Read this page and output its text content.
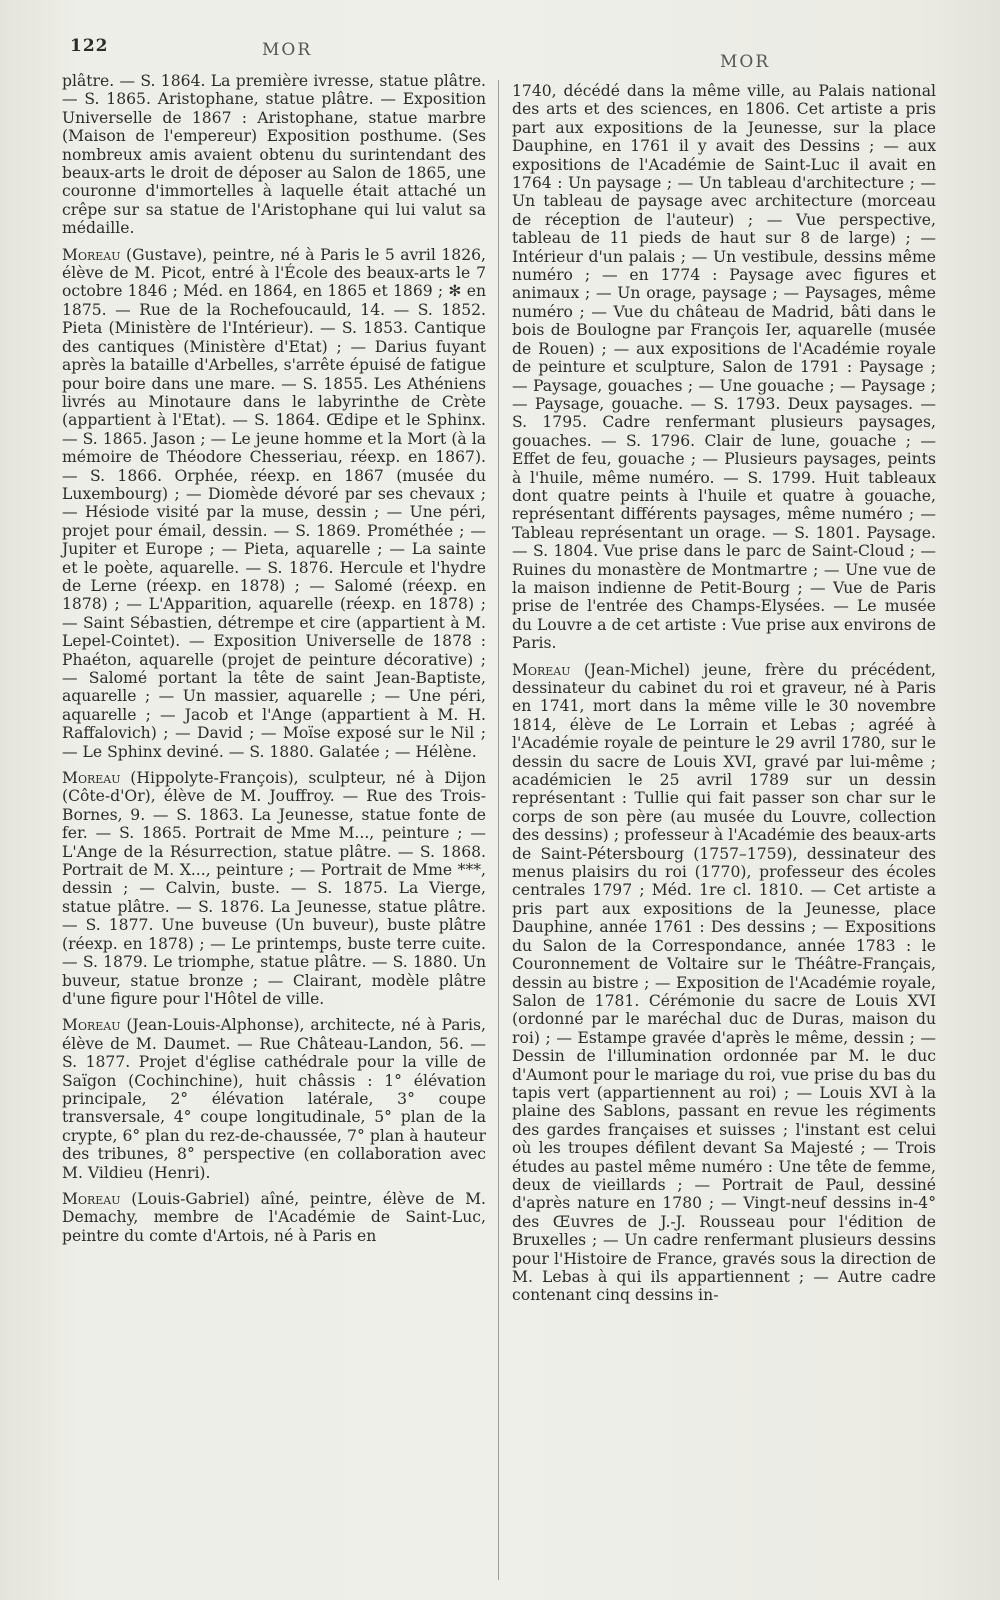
122	MOR
MOR

plâtre. — S. 1864. La première ivresse, statue plâtre. — S. 1865. Aristophane, statue plâtre. — Exposition Universelle de 1867 : Aristophane, statue marbre (Maison de l'empereur) Exposition posthume. (Ses nombreux amis avaient obtenu du surintendant des beaux-arts le droit de déposer au Salon de 1865, une couronne d'immortelles à laquelle était attaché un crêpe sur sa statue de l'Aristophane qui lui valut sa médaille.

Moreau (Gustave), peintre, né à Paris le 5 avril 1826, élève de M. Picot, entré à l'École des beaux-arts le 7 octobre 1846 ; Méd. en 1864, en 1865 et 1869 ; ✻ en 1875. — Rue de la Rochefoucauld, 14. — S. 1852. Pieta (Ministère de l'Intérieur). — S. 1853. Cantique des cantiques (Ministère d'Etat) ; — Darius fuyant après la bataille d'Arbelles, s'arrête épuisé de fatigue pour boire dans une mare. — S. 1855. Les Athéniens livrés au Minotaure dans le labyrinthe de Crète (appartient à l'Etat). — S. 1864. Œdipe et le Sphinx. — S. 1865. Jason ; — Le jeune homme et la Mort (à la mémoire de Théodore Chesseriau, réexp. en 1867). — S. 1866. Orphée, réexp. en 1867 (musée du Luxembourg) ; — Diomède dévoré par ses chevaux ; — Hésiode visité par la muse, dessin ; — Une péri, projet pour émail, dessin. — S. 1869. Prométhée ; — Jupiter et Europe ; — Pieta, aquarelle ; — La sainte et le poète, aquarelle. — S. 1876. Hercule et l'hydre de Lerne (réexp. en 1878) ; — Salomé (réexp. en 1878) ; — L'Apparition, aquarelle (réexp. en 1878) ; — Saint Sébastien, détrempe et cire (appartient à M. Lepel-Cointet). — Exposition Universelle de 1878 : Phaéton, aquarelle (projet de peinture décorative) ; — Salomé portant la tête de saint Jean-Baptiste, aquarelle ; — Un massier, aquarelle ; — Une péri, aquarelle ; — Jacob et l'Ange (appartient à M. H. Raffalovich) ; — David ; — Moïse exposé sur le Nil ; — Le Sphinx deviné. — S. 1880. Galatée ; — Hélène.

Moreau (Hippolyte-François), sculpteur, né à Dijon (Côte-d'Or), élève de M. Jouffroy. — Rue des Trois-Bornes, 9. — S. 1863. La Jeunesse, statue fonte de fer. — S. 1865. Portrait de Mme M..., peinture ; — L'Ange de la Résurrection, statue plâtre. — S. 1868. Portrait de M. X..., peinture ; — Portrait de Mme ***, dessin ; — Calvin, buste. — S. 1875. La Vierge, statue plâtre. — S. 1876. La Jeunesse, statue plâtre. — S. 1877. Une buveuse (Un buveur), buste plâtre (réexp. en 1878) ; — Le printemps, buste terre cuite. — S. 1879. Le triomphe, statue plâtre. — S. 1880. Un buveur, statue bronze ; — Clairant, modèle plâtre d'une figure pour l'Hôtel de ville.

Moreau (Jean-Louis-Alphonse), architecte, né à Paris, élève de M. Daumet. — Rue Château-Landon, 56. — S. 1877. Projet d'église cathédrale pour la ville de Saïgon (Cochinchine), huit châssis : 1° élévation principale, 2° élévation latérale, 3° coupe transversale, 4° coupe longitudinale, 5° plan de la crypte, 6° plan du rez-de-chaussée, 7° plan à hauteur des tribunes, 8° perspective (en collaboration avec M. Vildieu (Henri).

Moreau (Louis-Gabriel) aîné, peintre, élève de M. Demachy, membre de l'Académie de Saint-Luc, peintre du comte d'Artois, né à Paris en

1740, décédé dans la même ville, au Palais national des arts et des sciences, en 1806. Cet artiste a pris part aux expositions de la Jeunesse, sur la place Dauphine, en 1761 il y avait des Dessins ; — aux expositions de l'Académie de Saint-Luc il avait en 1764 : Un paysage ; — Un tableau d'architecture ; — Un tableau de paysage avec architecture (morceau de réception de l'auteur) ; — Vue perspective, tableau de 11 pieds de haut sur 8 de large) ; — Intérieur d'un palais ; — Un vestibule, dessins même numéro ; — en 1774 : Paysage avec figures et animaux ; — Un orage, paysage ; — Paysages, même numéro ; — Vue du château de Madrid, bâti dans le bois de Boulogne par François Ier, aquarelle (musée de Rouen) ; — aux expositions de l'Académie royale de peinture et sculpture, Salon de 1791 : Paysage ; — Paysage, gouaches ; — Une gouache ; — Paysage ; — Paysage, gouache. — S. 1793. Deux paysages. — S. 1795. Cadre renfermant plusieurs paysages, gouaches. — S. 1796. Clair de lune, gouache ; — Effet de feu, gouache ; — Plusieurs paysages, peints à l'huile, même numéro. — S. 1799. Huit tableaux dont quatre peints à l'huile et quatre à gouache, représentant différents paysages, même numéro ; — Tableau représentant un orage. — S. 1801. Paysage. — S. 1804. Vue prise dans le parc de Saint-Cloud ; — Ruines du monastère de Montmartre ; — Une vue de la maison indienne de Petit-Bourg ; — Vue de Paris prise de l'entrée des Champs-Elysées. — Le musée du Louvre a de cet artiste : Vue prise aux environs de Paris.

Moreau (Jean-Michel) jeune, frère du précédent, dessinateur du cabinet du roi et graveur, né à Paris en 1741, mort dans la même ville le 30 novembre 1814, élève de Le Lorrain et Lebas ; agréé à l'Académie royale de peinture le 29 avril 1780, sur le dessin du sacre de Louis XVI, gravé par lui-même ; académicien le 25 avril 1789 sur un dessin représentant : Tullie qui fait passer son char sur le corps de son père (au musée du Louvre, collection des dessins) ; professeur à l'Académie des beaux-arts de Saint-Pétersbourg (1757–1759), dessinateur des menus plaisirs du roi (1770), professeur des écoles centrales 1797 ; Méd. 1re cl. 1810. — Cet artiste a pris part aux expositions de la Jeunesse, place Dauphine, année 1761 : Des dessins ; — Expositions du Salon de la Correspondance, année 1783 : le Couronnement de Voltaire sur le Théâtre-Français, dessin au bistre ; — Exposition de l'Académie royale, Salon de 1781. Cérémonie du sacre de Louis XVI (ordonné par le maréchal duc de Duras, maison du roi) ; — Estampe gravée d'après le même, dessin ; — Dessin de l'illumination ordonnée par M. le duc d'Aumont pour le mariage du roi, vue prise du bas du tapis vert (appartiennent au roi) ; — Louis XVI à la plaine des Sablons, passant en revue les régiments des gardes françaises et suisses ; l'instant est celui où les troupes défilent devant Sa Majesté ; — Trois études au pastel même numéro : Une tête de femme, deux de vieillards ; — Portrait de Paul, dessiné d'après nature en 1780 ; — Vingt-neuf dessins in-4° des Œuvres de J.-J. Rousseau pour l'édition de Bruxelles ; — Un cadre renfermant plusieurs dessins pour l'Histoire de France, gravés sous la direction de M. Lebas à qui ils appartiennent ; — Autre cadre contenant cinq dessins in-
